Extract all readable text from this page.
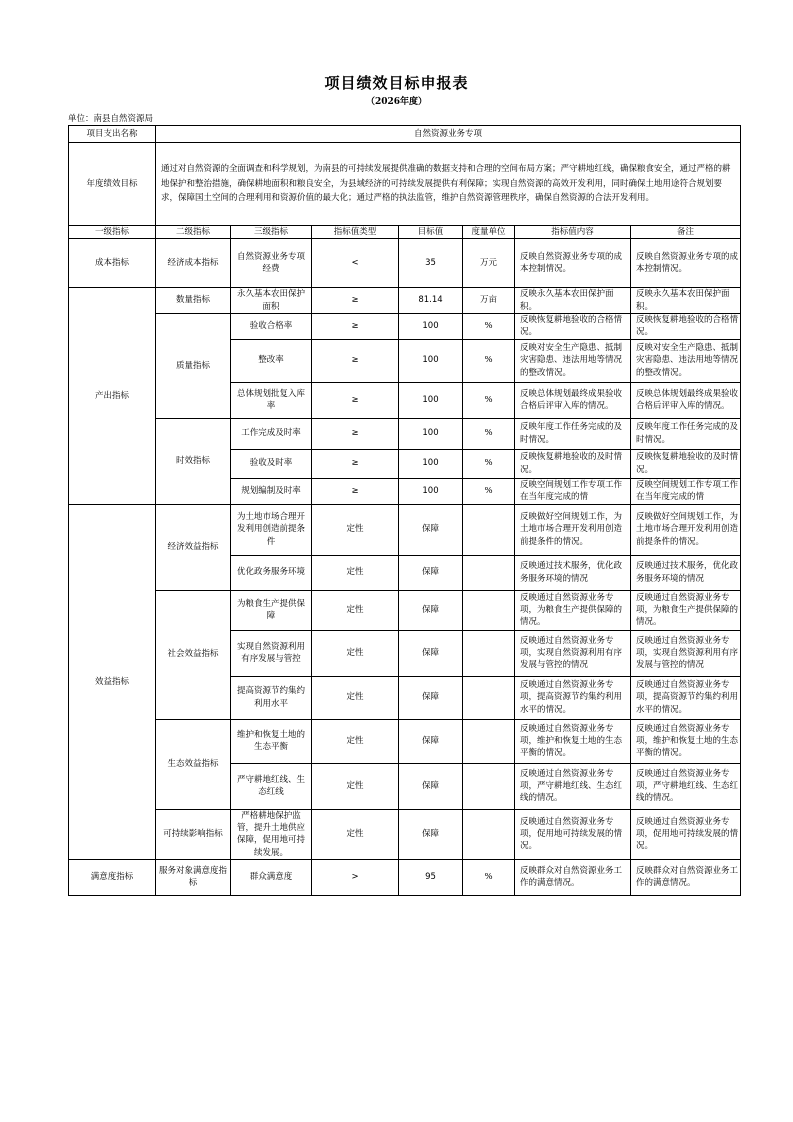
项目绩效目标申报表
（2026年度）
单位：南县自然资源局
项目支出名称	自然资源业务专项						
年度绩效目标	通过对自然资源的全面调查和科学规划，为南县的可持续发展提供准确的数据支持和合理的空间布局方案；严守耕地红线，确保粮食安全，通过严格的耕地保护和整治措施，确保耕地面积和粮良安全，为县域经济的可持续发展提供有利保障；实现自然资源的高效开发利用，同时确保土地用途符合规划要求，保障国土空间的合理利用和资源价值的最大化；通过严格的执法监管，维护自然资源管理秩序，确保自然资源的合法开发利用。						
一级指标	二级指标	三级指标	指标值类型	目标值	度量单位	指标值内容	备注
成本指标	经济成本指标	自然资源业务专项经费	<	35	万元	反映自然资源业务专项的成本控制情况。	反映自然资源业务专项的成本控制情况。
产出指标	数量指标	永久基本农田保护面积	≥	81.14	万亩	反映永久基本农田保护面积。	反映永久基本农田保护面积。
	质量指标	验收合格率	≥	100	%	反映恢复耕地验收的合格情况。	反映恢复耕地验收的合格情况。
		整改率	≥	100	%	反映对安全生产隐患、抵制灾害隐患、违法用地等情况的整改情况。	反映对安全生产隐患、抵制灾害隐患、违法用地等情况的整改情况。
		总体规划批复入库率	≥	100	%	反映总体规划最终成果验收合格后评审入库的情况。	反映总体规划最终成果验收合格后评审入库的情况。
	时效指标	工作完成及时率	≥	100	%	反映年度工作任务完成的及时情况。	反映年度工作任务完成的及时情况。
		验收及时率	≥	100	%	反映恢复耕地验收的及时情况。	反映恢复耕地验收的及时情况。
		规划编制及时率	≥	100	%	反映空间规划工作专项工作在当年度完成的情	反映空间规划工作专项工作在当年度完成的情
效益指标	经济效益指标	为土地市场合理开发利用创造前提条件	定性	保障		反映做好空间规划工作，为土地市场合理开发利用创造前提条件的情况。	反映做好空间规划工作，为土地市场合理开发利用创造前提条件的情况。
		优化政务服务环境	定性	保障		反映通过技术服务，优化政务服务环境的情况	反映通过技术服务，优化政务服务环境的情况
	社会效益指标	为粮食生产提供保障	定性	保障		反映通过自然资源业务专项，为粮食生产提供保障的情况。	反映通过自然资源业务专项，为粮食生产提供保障的情况。
		实现自然资源利用有序发展与管控	定性	保障		反映通过自然资源业务专项，实现自然资源利用有序发展与管控的情况	反映通过自然资源业务专项，实现自然资源利用有序发展与管控的情况
		提高资源节约集约利用水平	定性	保障		反映通过自然资源业务专项，提高资源节约集约利用水平的情况。	反映通过自然资源业务专项，提高资源节约集约利用水平的情况。
	生态效益指标	维护和恢复土地的生态平衡	定性	保障		反映通过自然资源业务专项，维护和恢复土地的生态平衡的情况。	反映通过自然资源业务专项，维护和恢复土地的生态平衡的情况。
		严守耕地红线、生态红线	定性	保障		反映通过自然资源业务专项，严守耕地红线、生态红线的情况。	反映通过自然资源业务专项，严守耕地红线、生态红线的情况。
	可持续影响指标	严格耕地保护监管，提升土地供应保障，促用地可持续发展。	定性	保障		反映通过自然资源业务专项，促用地可持续发展的情况。	反映通过自然资源业务专项，促用地可持续发展的情况。
满意度指标	服务对象满意度指标	群众满意度	>	95	%	反映群众对自然资源业务工作的满意情况。	反映群众对自然资源业务工作的满意情况。
